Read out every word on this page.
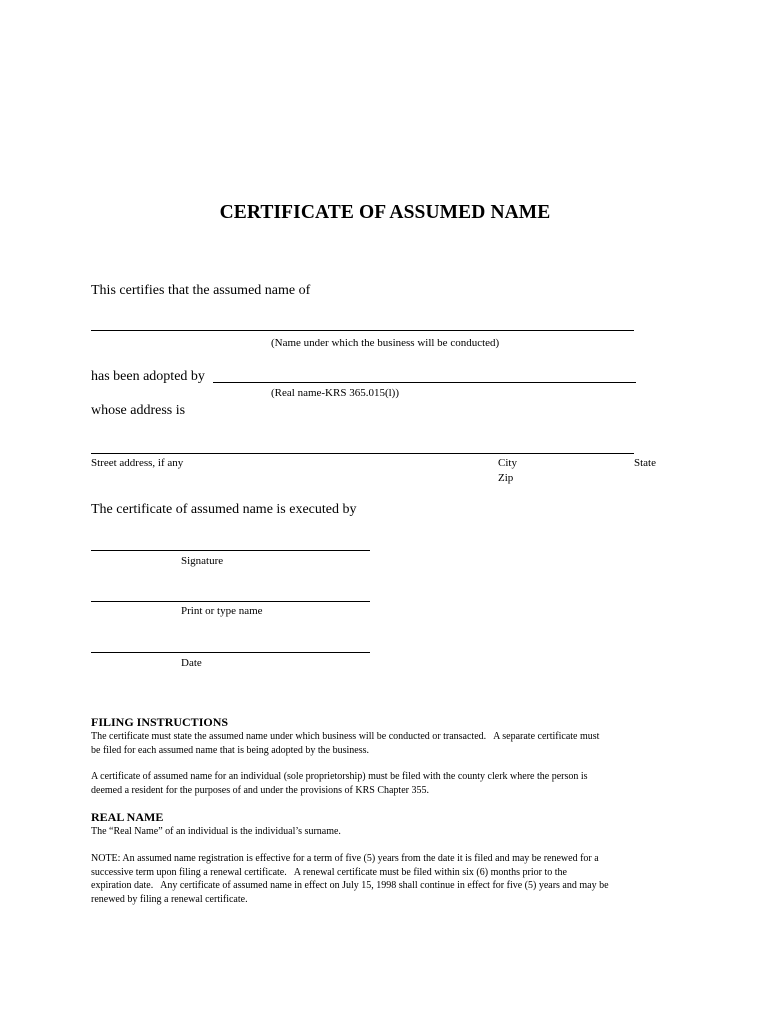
CERTIFICATE OF ASSUMED NAME
This certifies that the assumed name of
(Name under which the business will be conducted)
has been adopted by
(Real name-KRS 365.015(l))
whose address is
Street address, if any	City
Zip
State
The certificate of assumed name is executed by
Signature
Print or type name
Date
FILING INSTRUCTIONS
The certificate must state the assumed name under which business will be conducted or transacted.   A separate certificate must
be filed for each assumed name that is being adopted by the business.
A certificate of assumed name for an individual (sole proprietorship) must be filed with the county clerk where the person is
deemed a resident for the purposes of and under the provisions of KRS Chapter 355.
REAL NAME
The “Real Name” of an individual is the individual’s surname.
NOTE: An assumed name registration is effective for a term of five (5) years from the date it is filed and may be renewed for a
successive term upon filing a renewal certificate.   A renewal certificate must be filed within six (6) months prior to the
expiration date.   Any certificate of assumed name in effect on July 15, 1998 shall continue in effect for five (5) years and may be
renewed by filing a renewal certificate.
